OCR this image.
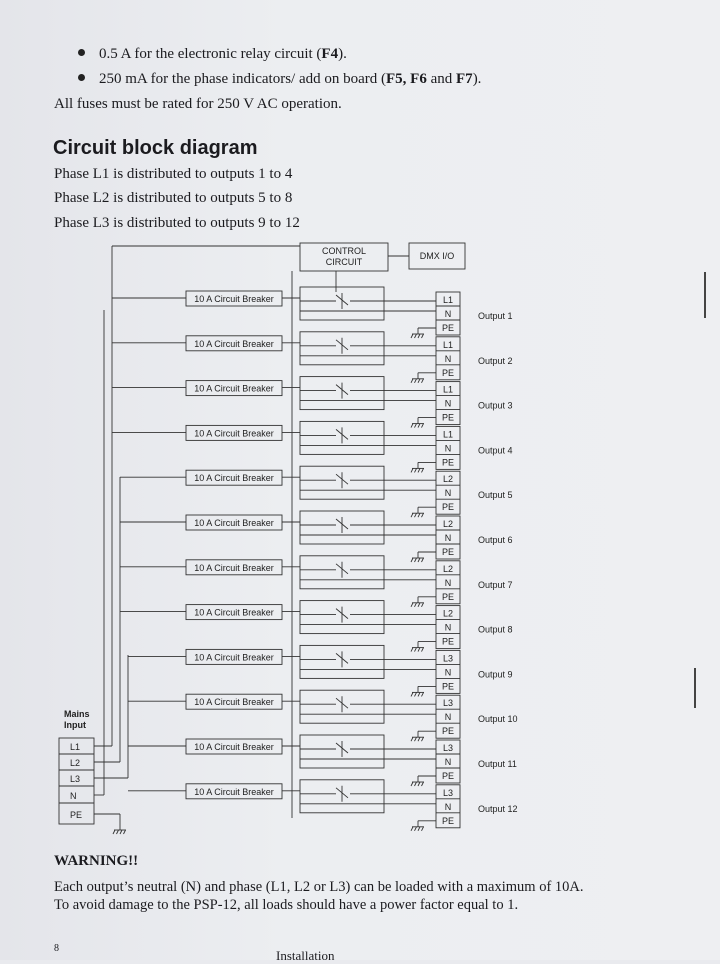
0.5 A for the electronic relay circuit (F4).
250 mA for the phase indicators/ add on board (F5, F6 and F7).
All fuses must be rated for 250 V AC operation.
Circuit block diagram
Phase L1 is distributed to outputs 1 to 4
Phase L2 is distributed to outputs 5 to 8
Phase L3 is distributed to outputs 9 to 12
CONTROL
CIRCUIT
DMX I/O
Mains
Input
L1
L2
L3
N
PE
10 A Circuit Breaker	L1
N
PE
Output 1
10 A Circuit Breaker	L1
N
PE
Output 2
10 A Circuit Breaker	L1
N
PE
Output 3
10 A Circuit Breaker	L1
N
PE
Output 4
10 A Circuit Breaker	L2
N
PE
Output 5
10 A Circuit Breaker	L2
N
PE
Output 6
10 A Circuit Breaker	L2
N
PE
Output 7
10 A Circuit Breaker	L2
N
PE
Output 8
10 A Circuit Breaker	L3
N
PE
Output 9
10 A Circuit Breaker	L3
N
PE
Output 10
10 A Circuit Breaker	L3
N
PE
Output 11
10 A Circuit Breaker	L3
N
PE
Output 12
WARNING!!
Each output’s neutral (N) and phase (L1, L2 or L3) can be loaded with a maximum of 10A.
To avoid damage to the PSP-12, all loads should have a power factor equal to 1.
8	Installation
